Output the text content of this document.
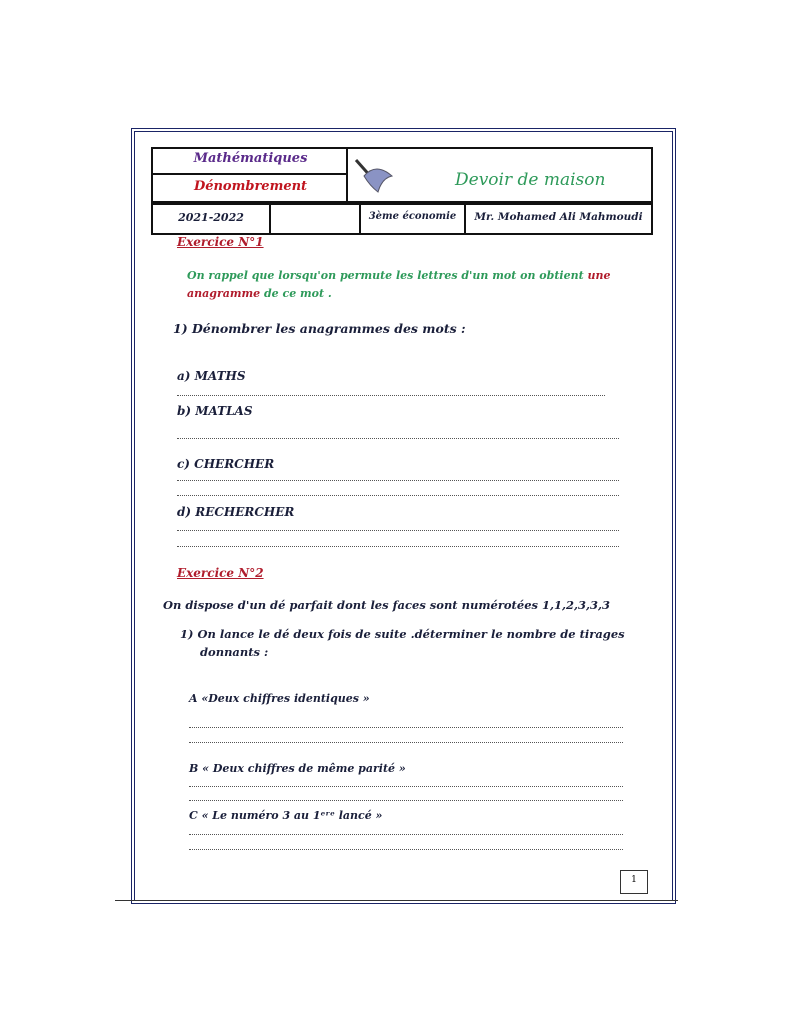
Mathématiques
Dénombrement	Devoir de maison
2021-2022	3ème économie	Mr. Mohamed Ali Mahmoudi
Exercice N°1
On rappel que lorsqu'on permute les lettres d'un mot on obtient une
anagramme de ce mot .
1) Dénombrer les anagrammes des mots :
a) MATHS
b) MATLAS
c) CHERCHER
d) RECHERCHER
Exercice N°2
On dispose d'un dé parfait dont les faces sont numérotées 1,1,2,3,3,3
1) On lance le dé deux fois de suite .déterminer le nombre de tirages
donnants :
A «Deux chiffres identiques »
B « Deux chiffres de même parité »
C « Le numéro 3 au 1ᵉʳᵉ lancé »
1
